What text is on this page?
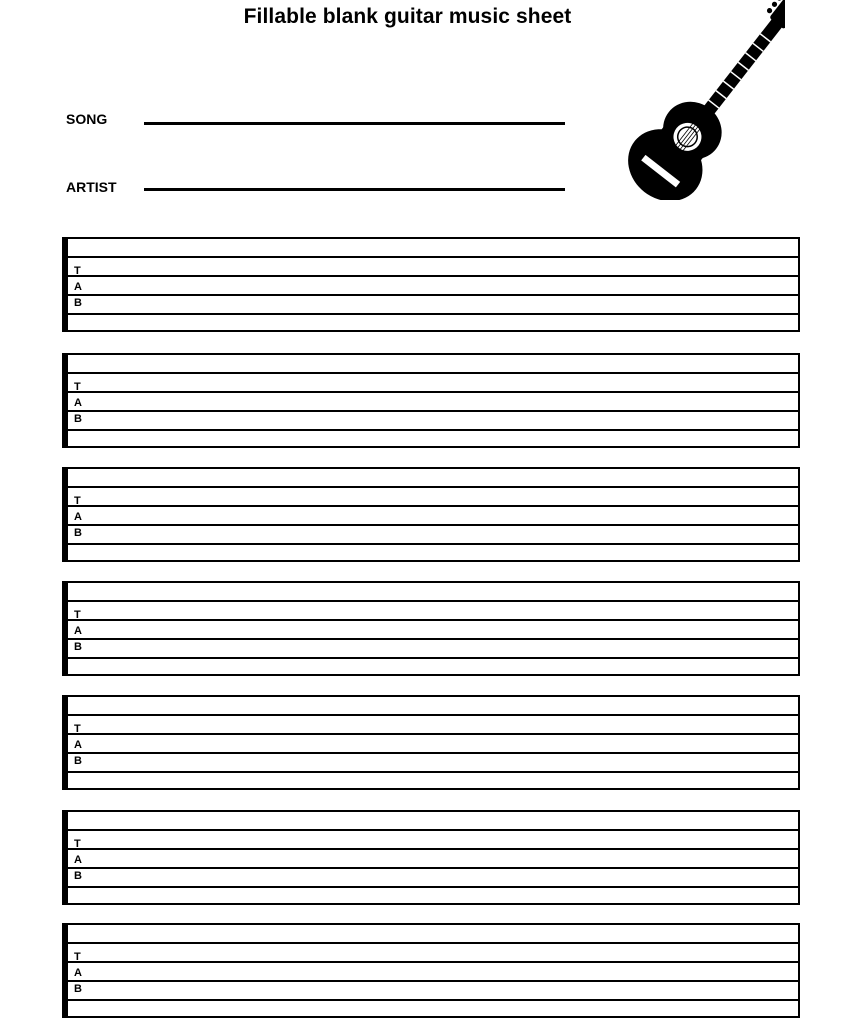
Fillable blank guitar music sheet
SONG
ARTIST
T
A
B
T
A
B
T
A
B
T
A
B
T
A
B
T
A
B
T
A
B
